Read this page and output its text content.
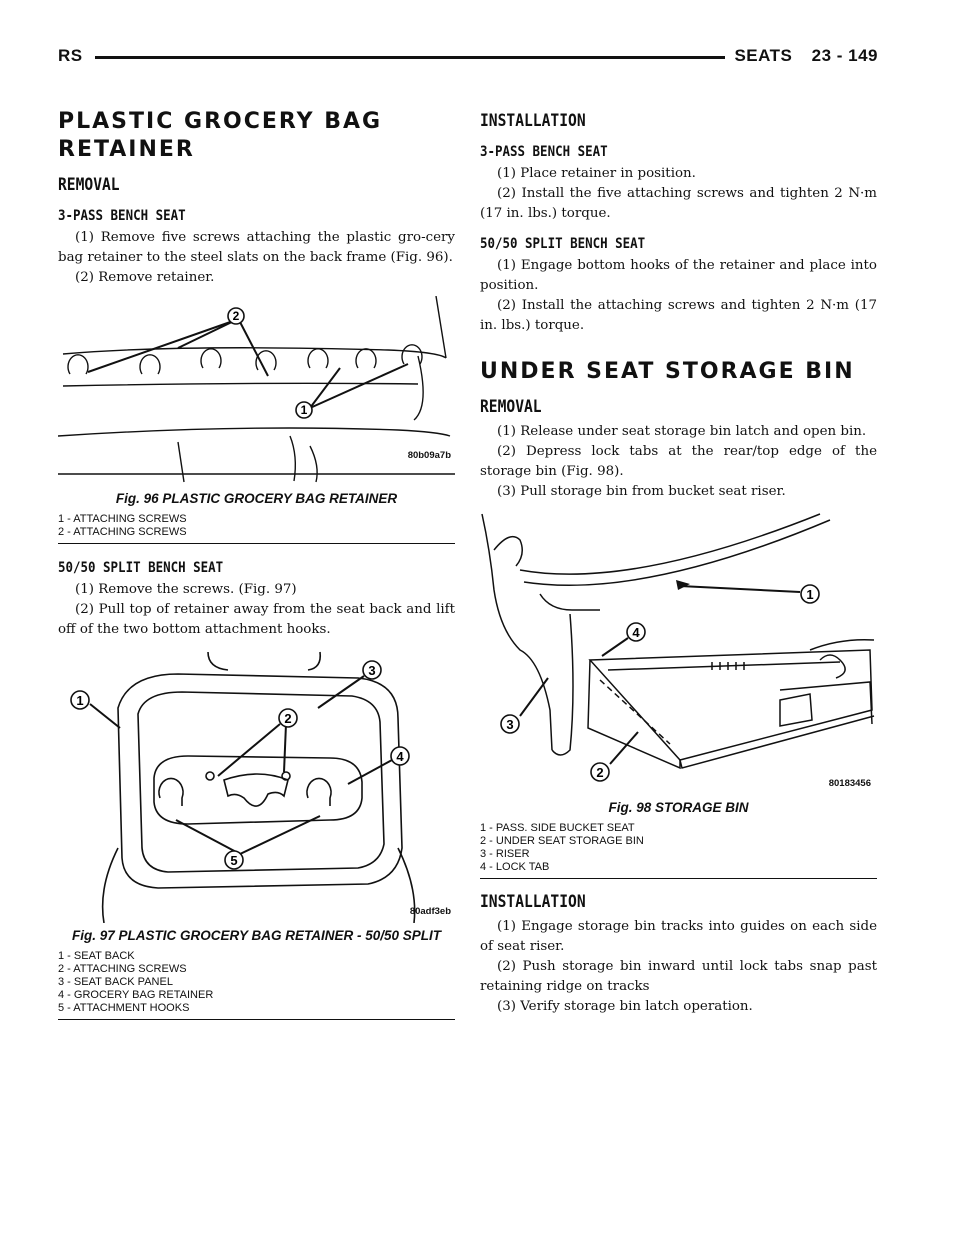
RS	SEATS 23 - 149
PLASTIC GROCERY BAG RETAINER
REMOVAL
3-PASS BENCH SEAT

(1) Remove five screws attaching the plastic gro-cery bag retainer to the steel slats on the back frame (Fig. 96).

(2) Remove retainer.

2
1
80b09a7b
Fig. 96 PLASTIC GROCERY BAG RETAINER
1 - ATTACHING SCREWS
2 - ATTACHING SCREWS
50/50 SPLIT BENCH SEAT

(1) Remove the screws. (Fig. 97)

(2) Pull top of retainer away from the seat back and lift off of the two bottom attachment hooks.

1
2
3
4
5
80adf3eb
Fig. 97 PLASTIC GROCERY BAG RETAINER - 50/50 SPLIT
1 - SEAT BACK
2 - ATTACHING SCREWS
3 - SEAT BACK PANEL
4 - GROCERY BAG RETAINER
5 - ATTACHMENT HOOKS
INSTALLATION
3-PASS BENCH SEAT

(1) Place retainer in position.

(2) Install the five attaching screws and tighten 2 N·m (17 in. lbs.) torque.

50/50 SPLIT BENCH SEAT

(1) Engage bottom hooks of the retainer and place into position.

(2) Install the attaching screws and tighten 2 N·m (17 in. lbs.) torque.

UNDER SEAT STORAGE BIN
REMOVAL

(1) Release under seat storage bin latch and open bin.

(2) Depress lock tabs at the rear/top edge of the storage bin (Fig. 98).

(3) Pull storage bin from bucket seat riser.

1
2
3
4
80183456
Fig. 98 STORAGE BIN
1 - PASS. SIDE BUCKET SEAT
2 - UNDER SEAT STORAGE BIN
3 - RISER
4 - LOCK TAB
INSTALLATION

(1) Engage storage bin tracks into guides on each side of seat riser.

(2) Push storage bin inward until lock tabs snap past retaining ridge on tracks

(3) Verify storage bin latch operation.
